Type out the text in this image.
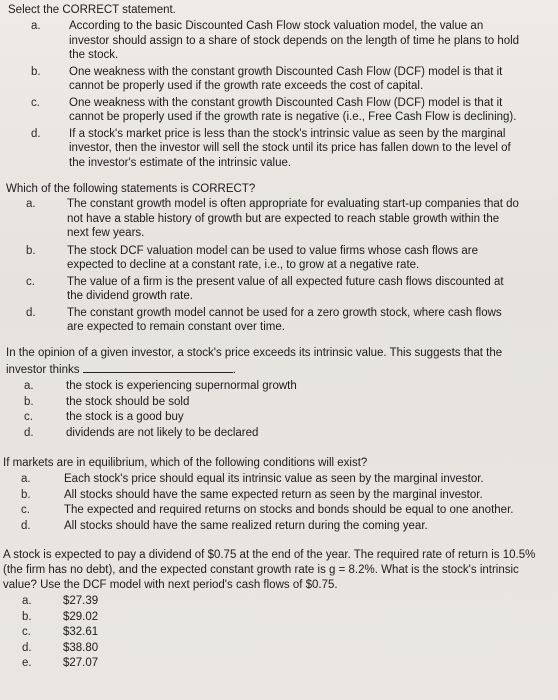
Select the CORRECT statement.
a.	According to the basic Discounted Cash Flow stock valuation model, the value an investor should assign to a share of stock depends on the length of time he plans to hold the stock.
b.	One weakness with the constant growth Discounted Cash Flow (DCF) model is that it cannot be properly used if the growth rate exceeds the cost of capital.
c.	One weakness with the constant growth Discounted Cash Flow (DCF) model is that it cannot be properly used if the growth rate is negative (i.e., Free Cash Flow is declining).
d.	If a stock's market price is less than the stock's intrinsic value as seen by the marginal investor, then the investor will sell the stock until its price has fallen down to the level of the investor's estimate of the intrinsic value.
Which of the following statements is CORRECT?
a.	The constant growth model is often appropriate for evaluating start-up companies that do not have a stable history of growth but are expected to reach stable growth within the next few years.
b.	The stock DCF valuation model can be used to value firms whose cash flows are expected to decline at a constant rate, i.e., to grow at a negative rate.
c.	The value of a firm is the present value of all expected future cash flows discounted at the dividend growth rate.
d.	The constant growth model cannot be used for a zero growth stock, where cash flows are expected to remain constant over time.
In the opinion of a given investor, a stock's price exceeds its intrinsic value. This suggests that the investor thinks	.
a.	the stock is experiencing supernormal growth
b.	the stock should be sold
c.	the stock is a good buy
d.	dividends are not likely to be declared
If markets are in equilibrium, which of the following conditions will exist?
a.	Each stock's price should equal its intrinsic value as seen by the marginal investor.
b.	All stocks should have the same expected return as seen by the marginal investor.
c.	The expected and required returns on stocks and bonds should be equal to one another.
d.	All stocks should have the same realized return during the coming year.
A stock is expected to pay a dividend of $0.75 at the end of the year. The required rate of return is 10.5% (the firm has no debt), and the expected constant growth rate is g = 8.2%. What is the stock's intrinsic value? Use the DCF model with next period's cash flows of $0.75.
a.	$27.39
b.	$29.02
c.	$32.61
d.	$38.80
e.	$27.07
